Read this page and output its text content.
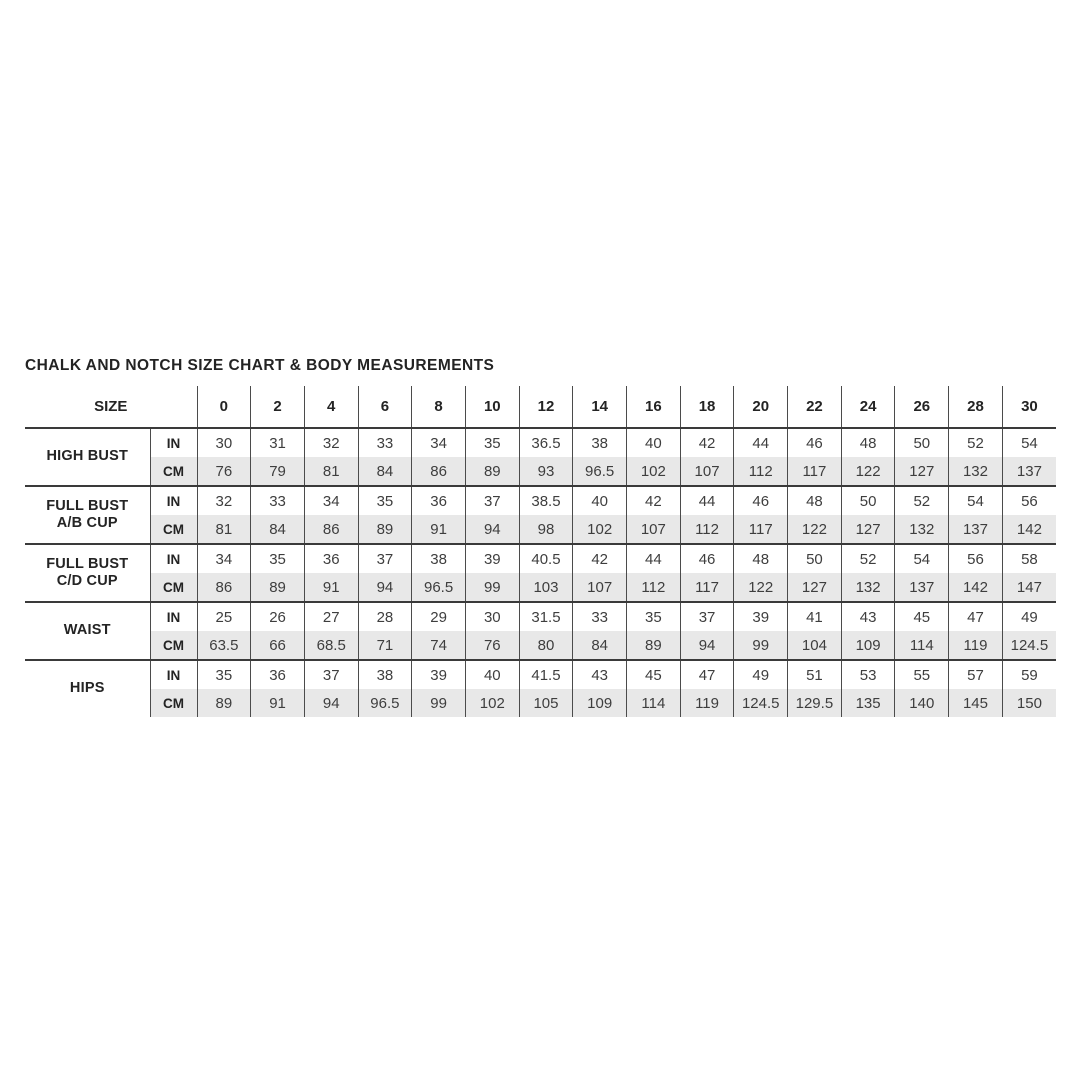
CHALK AND NOTCH SIZE CHART & BODY MEASUREMENTS
SIZE		0	2	4	6	8	10	12	14	16	18	20	22	24	26	28	30
HIGH BUST	IN	30	31	32	33	34	35	36.5	38	40	42	44	46	48	50	52	54
	CM	76	79	81	84	86	89	93	96.5	102	107	112	117	122	127	132	137
FULL BUST
A/B CUP	IN	32	33	34	35	36	37	38.5	40	42	44	46	48	50	52	54	56
	CM	81	84	86	89	91	94	98	102	107	112	117	122	127	132	137	142
FULL BUST
C/D CUP	IN	34	35	36	37	38	39	40.5	42	44	46	48	50	52	54	56	58
	CM	86	89	91	94	96.5	99	103	107	112	117	122	127	132	137	142	147
WAIST	IN	25	26	27	28	29	30	31.5	33	35	37	39	41	43	45	47	49
	CM	63.5	66	68.5	71	74	76	80	84	89	94	99	104	109	114	119	124.5
HIPS	IN	35	36	37	38	39	40	41.5	43	45	47	49	51	53	55	57	59
	CM	89	91	94	96.5	99	102	105	109	114	119	124.5	129.5	135	140	145	150
